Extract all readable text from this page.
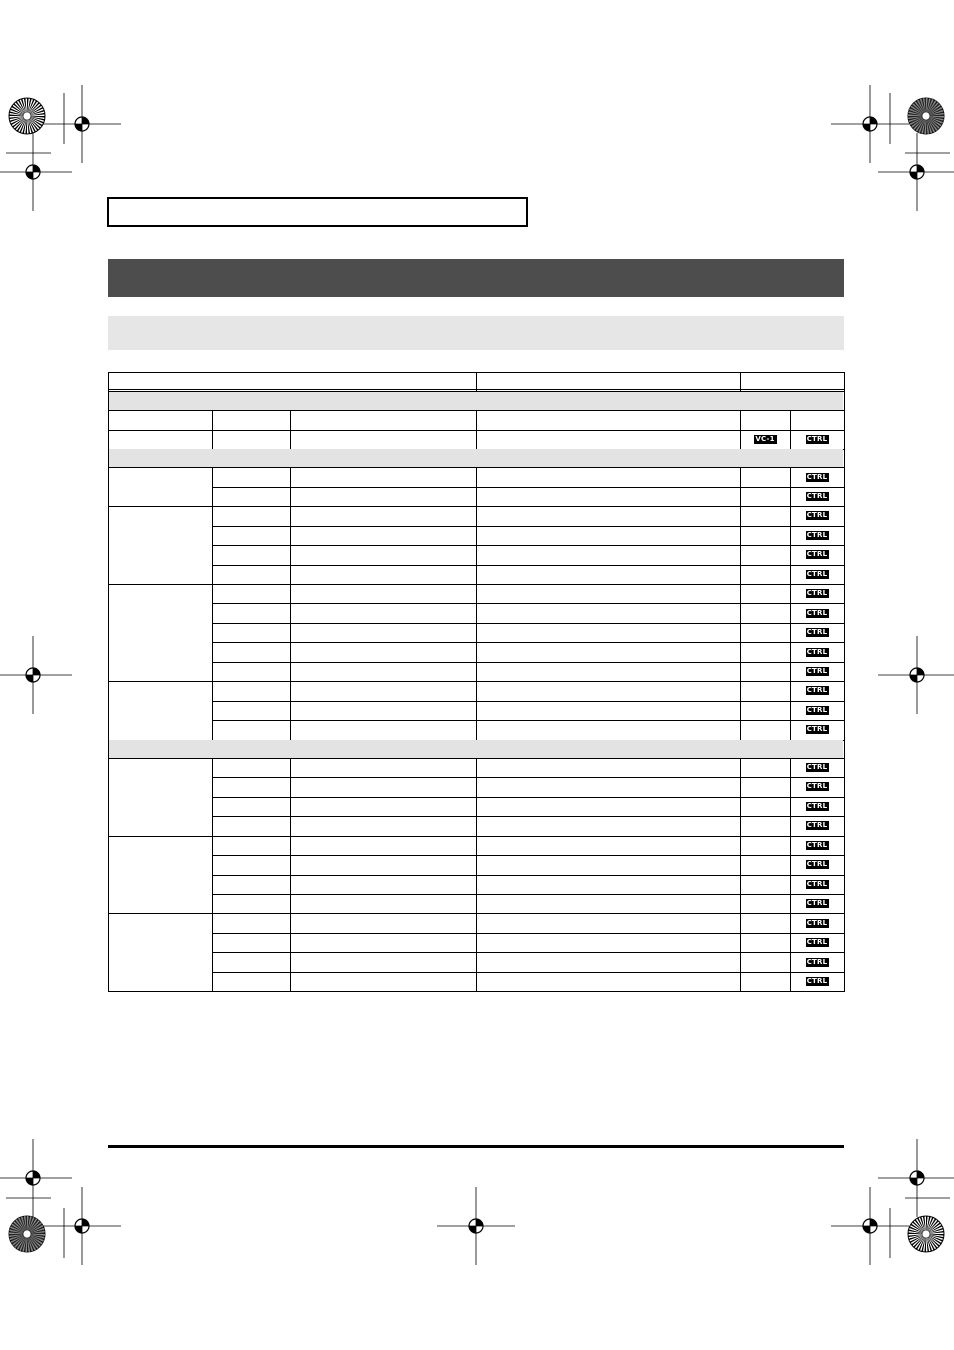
VC-1	CTRL
CTRL
CTRL
CTRL
CTRL
CTRL
CTRL
CTRL
CTRL
CTRL
CTRL
CTRL
CTRL
CTRL
CTRL
CTRL
CTRL
CTRL
CTRL
CTRL
CTRL
CTRL
CTRL
CTRL
CTRL
CTRL
CTRL
